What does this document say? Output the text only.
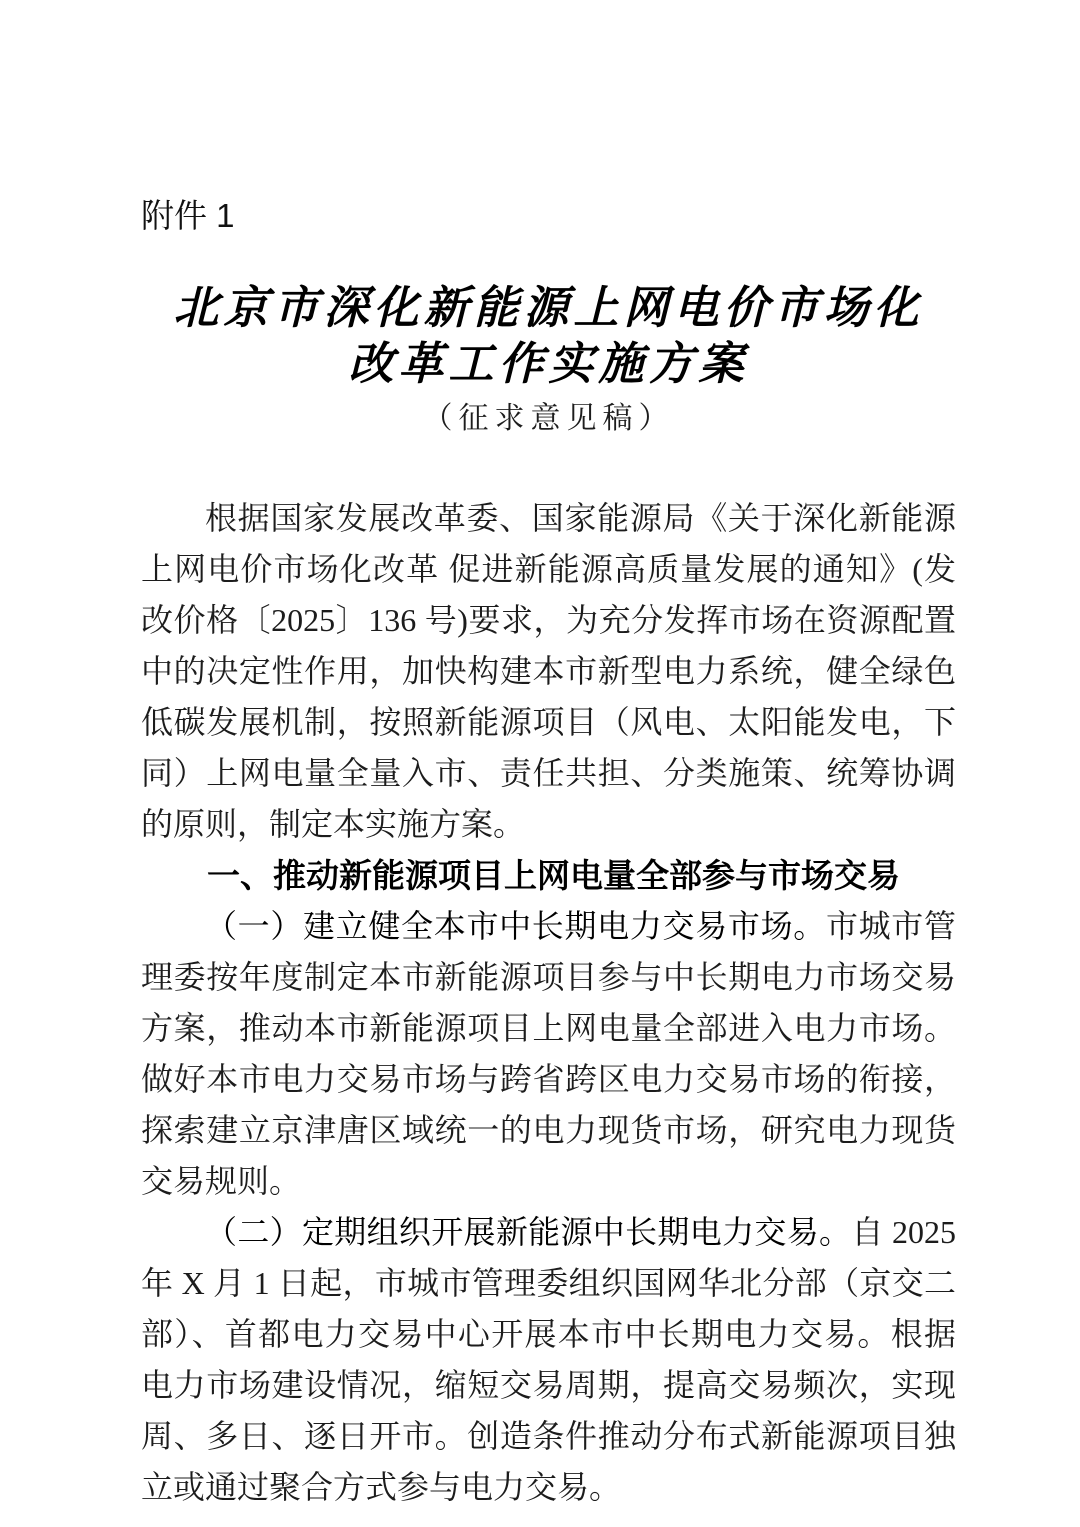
附件 1
北京市深化新能源上网电价市场化
改革工作实施方案
（征求意见稿）

根据国家发展改革委、国家能源局《关于深化新能源上网电价市场化改革 促进新能源高质量发展的通知》(发改价格〔2025〕136 号)要求，为充分发挥市场在资源配置中的决定性作用，加快构建本市新型电力系统，健全绿色低碳发展机制，按照新能源项目（风电、太阳能发电，下同）上网电量全量入市、责任共担、分类施策、统筹协调的原则，制定本实施方案。

一、推动新能源项目上网电量全部参与市场交易

（一）建立健全本市中长期电力交易市场。市城市管理委按年度制定本市新能源项目参与中长期电力市场交易方案，推动本市新能源项目上网电量全部进入电力市场。做好本市电力交易市场与跨省跨区电力交易市场的衔接，探索建立京津唐区域统一的电力现货市场，研究电力现货交易规则。

（二）定期组织开展新能源中长期电力交易。自 2025 年 X 月 1 日起，市城市管理委组织国网华北分部（京交二部）、首都电力交易中心开展本市中长期电力交易。根据电力市场建设情况，缩短交易周期，提高交易频次，实现周、多日、逐日开市。创造条件推动分布式新能源项目独立或通过聚合方式参与电力交易。
